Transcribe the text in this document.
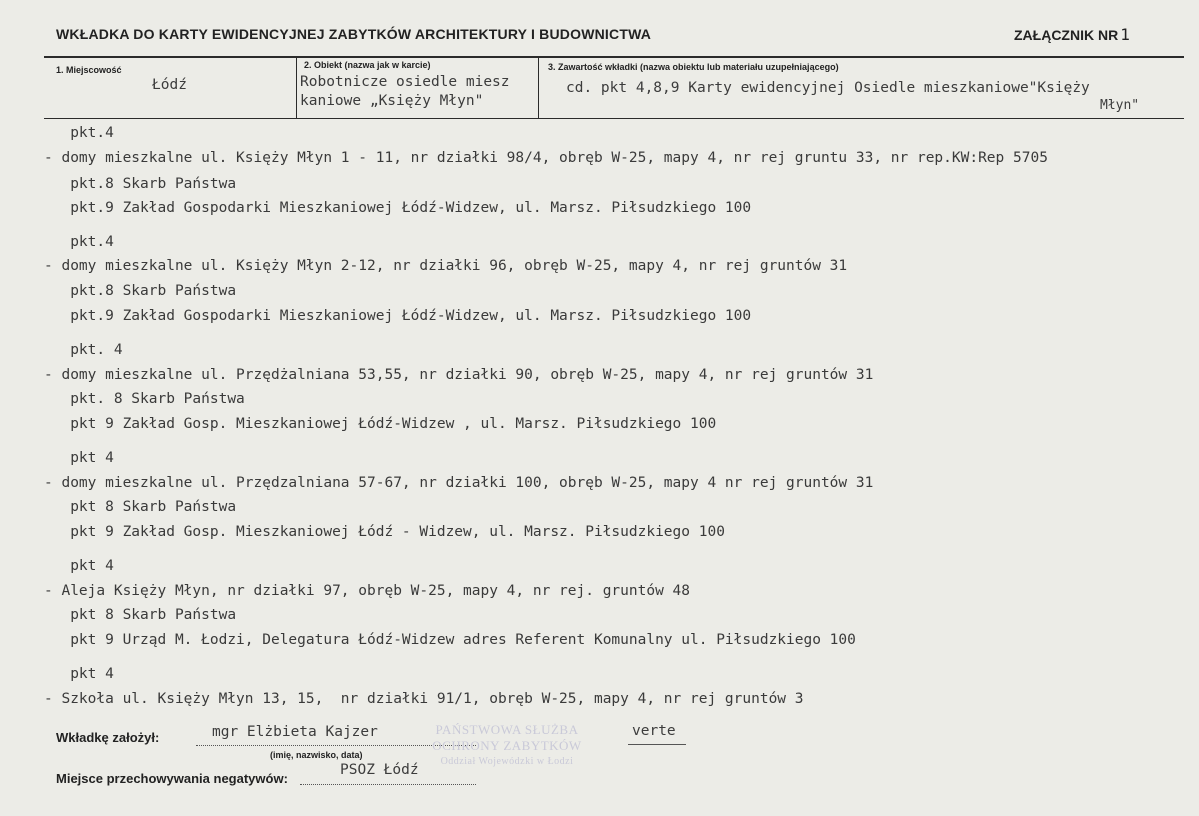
WKŁADKA DO KARTY EWIDENCYJNEJ ZABYTKÓW ARCHITEKTURY I BUDOWNICTWA	ZAŁĄCZNIK NR 1
1. Miejscowość
Łódź
2. Obiekt (nazwa jak w karcie)
Robotnicze osiedle miesz
kaniowe „Księży Młyn"
3. Zawartość wkładki (nazwa obiektu lub materiału uzupełniającego)
cd. pkt 4,8,9 Karty ewidencyjnej Osiedle mieszkaniowe"Księży
Młyn"
pkt.4
- domy mieszkalne ul. Księży Młyn 1 - 11, nr działki 98/4, obręb W-25, mapy 4, nr rej gruntu 33, nr rep.KW:Rep 5705
pkt.8 Skarb Państwa
pkt.9 Zakład Gospodarki Mieszkaniowej Łódź-Widzew, ul. Marsz. Piłsudzkiego 100
pkt.4
- domy mieszkalne ul. Księży Młyn 2-12, nr działki 96, obręb W-25, mapy 4, nr rej gruntów 31
pkt.8 Skarb Państwa
pkt.9 Zakład Gospodarki Mieszkaniowej Łódź-Widzew, ul. Marsz. Piłsudzkiego 100
pkt. 4
- domy mieszkalne ul. Przędżalniana 53,55, nr działki 90, obręb W-25, mapy 4, nr rej gruntów 31
pkt. 8 Skarb Państwa
pkt 9 Zakład Gosp. Mieszkaniowej Łódź-Widzew , ul. Marsz. Piłsudzkiego 100
pkt 4
- domy mieszkalne ul. Przędzalniana 57-67, nr działki 100, obręb W-25, mapy 4 nr rej gruntów 31
pkt 8 Skarb Państwa
pkt 9 Zakład Gosp. Mieszkaniowej Łódź - Widzew, ul. Marsz. Piłsudzkiego 100
pkt 4
- Aleja Księży Młyn, nr działki 97, obręb W-25, mapy 4, nr rej. gruntów 48
pkt 8 Skarb Państwa
pkt 9 Urząd M. Łodzi, Delegatura Łódź-Widzew adres Referent Komunalny ul. Piłsudzkiego 100
pkt 4
- Szkoła ul. Księży Młyn 13, 15,  nr działki 91/1, obręb W-25, mapy 4, nr rej gruntów 3
Wkładkę założył:	mgr Elżbieta Kajzer
(imię, nazwisko, data)
verte
Miejsce przechowywania negatywów:
PSOZ Łódź
PAŃSTWOWA SŁUŻBA
OCHRONY ZABYTKÓW
Oddział Wojewódzki w Łodzi
